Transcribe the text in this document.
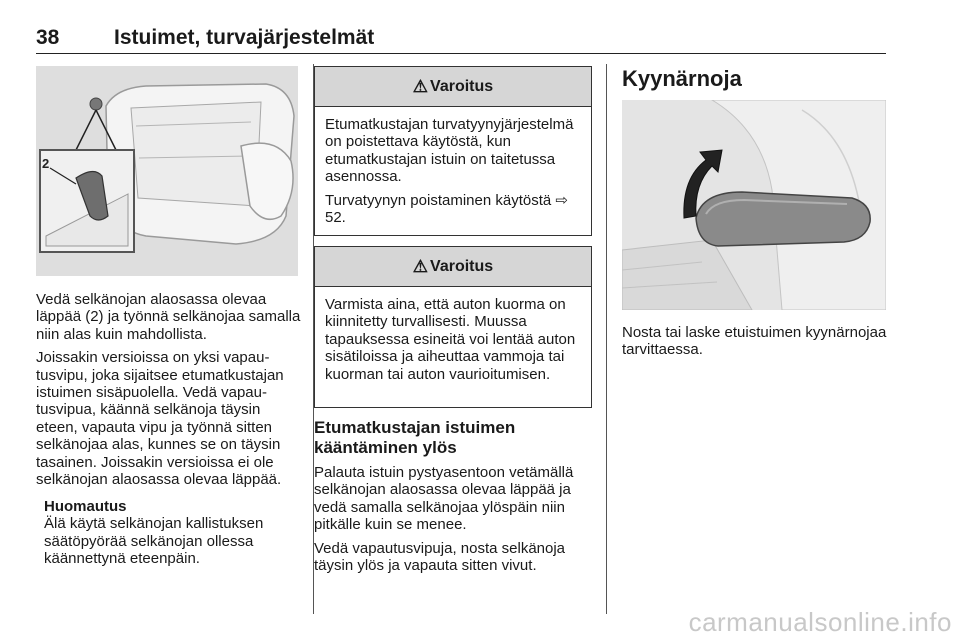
38	Istuimet, turvajärjestelmät
2

Vedä selkänojan alaosassa olevaa läppää (2) ja työnnä selkänojaa samalla niin alas kuin mahdollista.

Joissakin versioissa on yksi vapautusvipu, joka sijaitsee etumatkustajan istuimen sisäpuolella. Vedä vapautusvipua, käännä selkänoja täysin eteen, vapauta vipu ja työnnä sitten selkänojaa alas, kunnes se on täysin tasainen. Joissakin versioissa ei ole selkänojan alaosassa olevaa läppää.

Huomautus
Älä käytä selkänojan kallistuksen säätöpyörää selkänojan ollessa käännettynä eteenpäin.
⚠ Varoitus

Etumatkustajan turvatyynyjärjestelmä on poistettava käytöstä, kun etumatkustajan istuin on taitetussa asennossa.

Turvatyynyn poistaminen käytöstä ⇨ 52.

⚠ Varoitus

Varmista aina, että auton kuorma on kiinnitetty turvallisesti. Muussa tapauksessa esineitä voi lentää auton sisätiloissa ja aiheuttaa vammoja tai kuorman tai auton vaurioitumisen.

Etumatkustajan istuimen kääntäminen ylös

Palauta istuin pystyasentoon vetämällä selkänojan alaosassa olevaa läppää ja vedä samalla selkänojaa ylöspäin niin pitkälle kuin se menee.

Vedä vapautusvipuja, nosta selkänoja täysin ylös ja vapauta sitten vivut.

Kyynärnoja

Nosta tai laske etuistuimen kyynärnojaa tarvittaessa.

carmanualsonline.info
